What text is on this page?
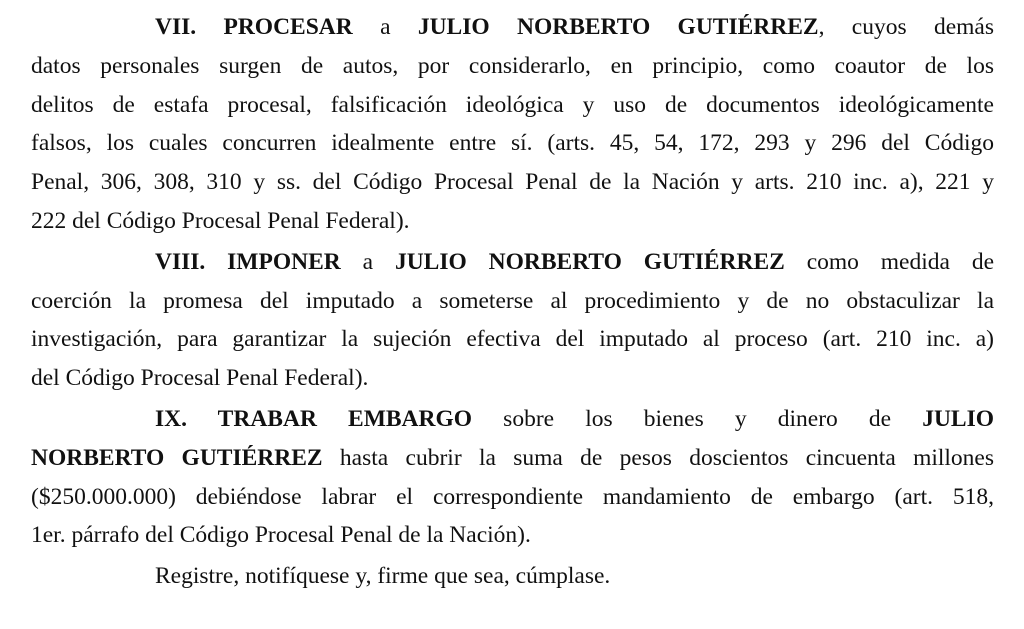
VII. PROCESAR a JULIO NORBERTO GUTIÉRREZ, cuyos demás
datos personales surgen de autos, por considerarlo, en principio, como coautor de los
delitos de estafa procesal, falsificación ideológica y uso de documentos ideológicamente
falsos, los cuales concurren idealmente entre sí. (arts. 45, 54, 172, 293 y 296 del Código
Penal, 306, 308, 310 y ss. del Código Procesal Penal de la Nación y arts. 210 inc. a), 221 y
222 del Código Procesal Penal Federal).
VIII. IMPONER a JULIO NORBERTO GUTIÉRREZ como medida de
coerción la promesa del imputado a someterse al procedimiento y de no obstaculizar la
investigación, para garantizar la sujeción efectiva del imputado al proceso (art. 210 inc. a)
del Código Procesal Penal Federal).
IX. TRABAR EMBARGO sobre los bienes y dinero de JULIO
NORBERTO GUTIÉRREZ hasta cubrir la suma de pesos doscientos cincuenta millones
($250.000.000) debiéndose labrar el correspondiente mandamiento de embargo (art. 518,
1er. párrafo del Código Procesal Penal de la Nación).
Registre, notifíquese y, firme que sea, cúmplase.
